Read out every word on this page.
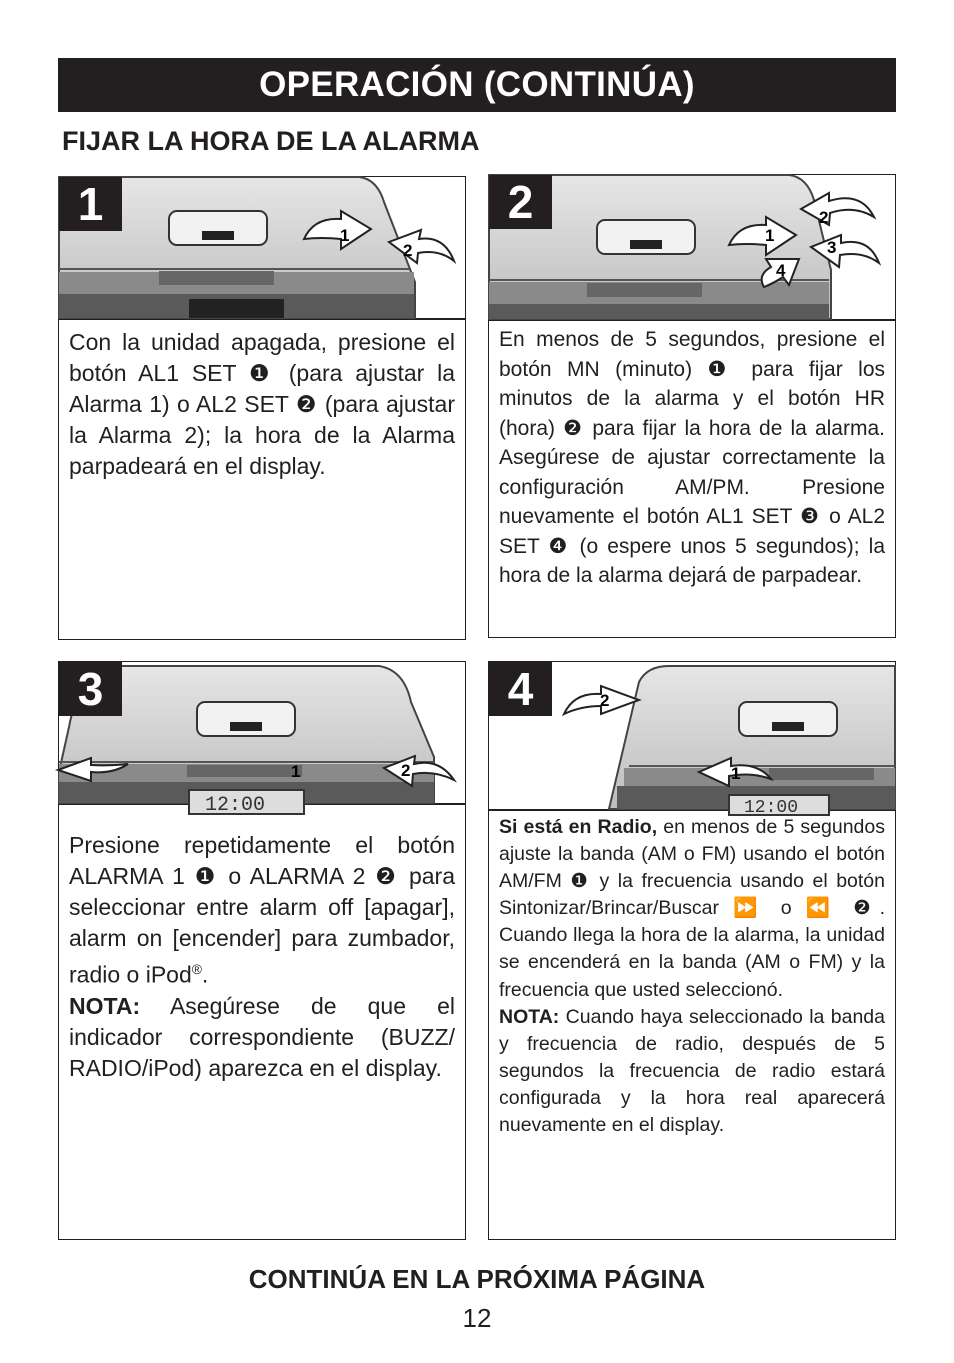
OPERACIÓN (CONTINÚA)
FIJAR LA HORA DE LA ALARMA
1
2
1
Con la unidad apagada, presione el botón AL1 SET ❶ (para ajustar la Alarma 1) o AL2 SET ❷ (para ajustar la Alarma 2); la hora de la Alarma parpadeará en el display.
1
2
3
4
2
En menos de 5 segundos, presione el botón MN (minuto) ❶ para fijar los minutos de la alarma y el botón HR (hora) ❷ para fijar la hora de la alarma. Asegúrese de ajustar correctamente la configuración AM/PM. Presione nuevamente el botón AL1 SET ❸ o AL2 SET ❹ (o espere unos 5 segundos); la hora de la alarma dejará de parpadear.
12:00
1	2
3
Presione repetidamente el botón ALARMA 1 ❶ o ALARMA 2 ❷ para seleccionar entre alarm off [apagar], alarm on [encender] para zumbador, radio o iPod®.
NOTA: Asegúrese de que el indicador correspondiente (BUZZ/ RADIO/iPod) aparezca en el display.
12:00
2
1
4
Si está en Radio, en menos de 5 segundos ajuste la banda (AM o FM) usando el botón AM/FM ❶ y la frecuencia usando el botón Sintonizar/Brincar/Buscar ⏩ o ⏪ ❷. Cuando llega la hora de la alarma, la unidad se encenderá en la banda (AM o FM) y la frecuencia que usted seleccionó.
NOTA: Cuando haya seleccionado la banda y frecuencia de radio, después de 5 segundos la frecuencia de radio estará configurada y la hora real aparecerá nuevamente en el display.
CONTINÚA EN LA PRÓXIMA PÁGINA
12
